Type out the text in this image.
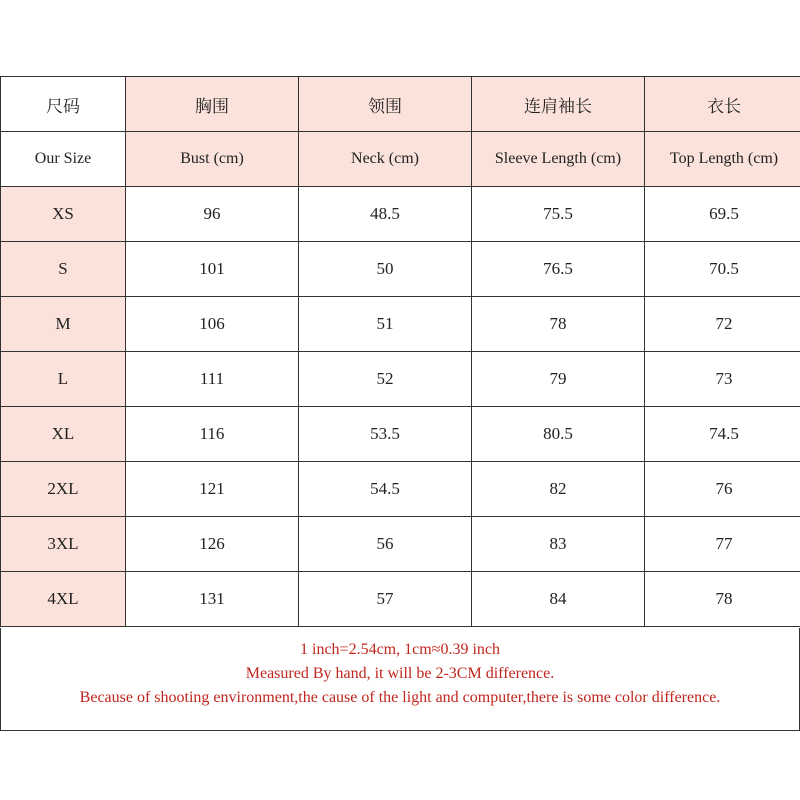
尺码	胸围	领围	连肩袖长	衣长
Our Size	Bust (cm)	Neck (cm)	Sleeve Length (cm)	Top Length (cm)
XS	96	48.5	75.5	69.5
S	101	50	76.5	70.5
M	106	51	78	72
L	111	52	79	73
XL	116	53.5	80.5	74.5
2XL	121	54.5	82	76
3XL	126	56	83	77
4XL	131	57	84	78
1 inch=2.54cm, 1cm≈0.39 inch
Measured By hand, it will be 2-3CM difference.
Because of shooting environment,the cause of the light and computer,there is some color difference.
